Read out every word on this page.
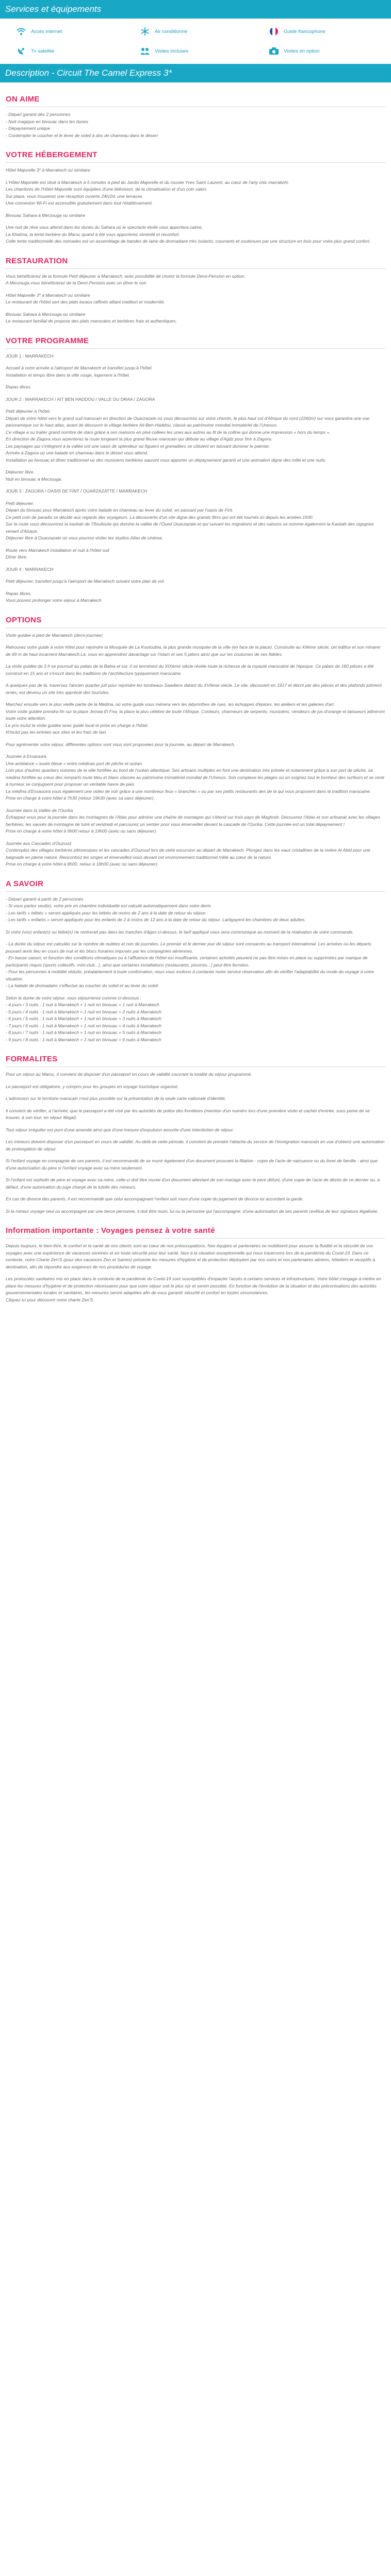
Services et équipements
Accès internet	Air conditionné	Guide francophone
Tv satellite	Visites incluses	Visites en option
Description - Circuit The Camel Express 3*
ON AIME
- Départ garanti dès 2 personnes
- Nuit magique en bivouac dans les dunes
- Dépaysement unique
- Contempler le coucher et le lever de soleil à dos de chameau dans le désert
VOTRE HÉBERGEMENT

Hôtel Majorelle 3* à Marrakech ou similaire

L'Hôtel Majorelle est situé à Marrakech à 5 minutes à pied du Jardin Majorelle et du musée Yves Saint Laurent, au cœur de l'arty chic marrakchi.
Les chambres de l'Hôtel Majorelle sont équipées d'une télévision, de la climatisation et d'un coin salon.
Sur place, vous trouverez une réception ouverte 24h/24, une terrasse.
Une connexion Wi-Fi est accessible gratuitement dans tout l'établissement.

Bivouac Sahara à Merzouga ou similaire

Une nuit de rêve vous attend dans les dunes du Sahara où le spectacle étoilé vous apportera calme.
La Khaïma, la tente berbère du Maroc quand à été vous apporterez sérénité et reconfort.
Celle tente traditionnelle des nomades est un assemblage de bandes de laine de dromadaire très isolants; couvrants et soutenues par une structure en bois pour votre plus grand confort.
RESTAURATION
Vous bénéficierez de la formule Petit déjeuner à Marrakech, avec possibilité de choisir la formule Demi-Pension en option.
A Merzouga vous bénéficierez de la Demi-Pension avec un dîner le soir.
Hôtel Majorelle 3* à Marrakech ou similaire
Le restaurant de l'hôtel sert des plats locaux raffinés alliant tradition et modernité.
Bivouac Sahara à Merzouga ou similaire
Le restaurant familial de propose des plats marocains et berbères frais et authentiques.
VOTRE PROGRAMME

JOUR 1 : MARRAKECH

Accueil à votre arrivée à l'aéroport de Marrakech et transfert jusqu'à l'hôtel.
Installation et temps libre dans la ville rouge, logement à l'hôtel.

Repas libres.

JOUR 2 : MARRAKECH / AIT BEN HADDOU / VALLE DU DRAA / ZAGORA

Petit déjeuner à l'hôtel.
Départ de votre hôtel vers le grand sud marocain en direction de Ouarzazate où vous découvrirez sur votre chemin, le plus haut col d'Afrique du nord (2260m) sur vous garantira une vue panoramique sur le haut atlas, avant de découvrir le village berbère Ait-Ben-Haddou, classé au patrimoine mondial immatériel de l'Unesco.
Ce village a su traiter grand nombre de stars grâce à ses maisons en pisé collées les unes aux autres au fil de la colline qui donne une impression « hors du temps ».
En direction de Zagora vous arpenterez la route longeant la plus grand fleuve marocain qui débute au village d'Agdz pour finir à Zagora.
Les paysages qui s'intègrent à la vallée ont une oasis de splendeur où figuiers et grenadiers se côtoient en laissant dominer le palmier.
Arrivée à Zagora où une balade en chameau dans le désert vous attend.
Installation au bivouac et dîner traditionnel où des musiciens berbères sauront vous apporter un dépaysement garanti et une animation digne des mille et une nuits.
Déjeuner libre.
Nuit en bivouac à Merzouga.

JOUR 3 : ZAGORA / OASIS DE FINT / OUARZAZATTE / MARRAKECH

Petit déjeuner.
Départ du bivouac pour Marrakech après votre balade en chameau au lever du soleil, en passant par l'oasis de Fint.
Ce petit coin de paradis se décide aux regards des voyageurs. La découverte d'un site digne des grands films qui ont été tournés ici depuis les années 1930.
Sur la route vous découvrirez la kasbah de Tifoultoute qui domine la vallée de l'Oued Ouarzazate et qui suivant les migrations et des saisons se nomme également la Kasbah des cigognes venant d'Alsace.
Déjeuner libre à Ouarzazate où vous pourrez visiter les studios Atlas de cinéma.
Route vers Marrakech installation et nuit à l'hôtel suit
Dîner libre.

JOUR 4 : MARRAKECH

Petit déjeuner, transfert jusqu'à l'aéroport de Marrakech suivant votre plan de vol.

Repas libres.
Vous pouvez prolonger votre séjour à Marrakech
OPTIONS

Visite guidée à pied de Marrakech (demi-journée)

Retrouvez votre guide à votre hôtel pour rejoindre la Mosquée de La Koutoubia, la plus grande mosquée de la ville (en face de la place). Construite au XIIème siècle, cet édifice et son minaret de 69 m de haut incarnent Marrakech.Là, vous en apprendrez davantage sur l'islam et ses 5 piliers ainsi que sur les coutumes de ses fidèles.

La visite guidée de 3 h se poursuit au palais de la Bahia et sur, il se terminent du XIXème siècle révèle toute la richesse de la royauté marocaine de l'époque. Ce palais de 160 pièces a été construit en 15 ans et s'inscrit dans les traditions de l'architecture typiquement marocaine.

A quelques pas de là, traversez l'ancien quartier juif pour rejoindre les tombeaux Saadiens datant du XVIème siècle. Le site, découvert en 1917 et décrit par des pièces et des plafonds joliment ornés, est devenu un site très apprécié des touristes.

Marchez ensuite vers le plus vieille partie de la Médina, où votre guide vous mènera vers les labyrinthes de rues, les échoppes d'épices, les ateliers et les galeries d'art.
Votre visite guidée prendra fin sur la place Jemaa El Fna, la place la plus célèbre de toute l'Afrique. Conteurs, charmeurs de serpents, musiciens, vendeurs de jus d'orange et tatoueurs attireront toute votre attention.
Le prix inclut la visite guidée avec guide local et prise en charge à l'hôtel.
N'inclut pas les entrées aux sites et les frais de taxi.

Pour agrémenter votre séjour, différentes options vont vous sont proposées pour la journée, au départ de Marrakech.

Journée à Essaouira
Une ambiance « louée bleue » entre médinas port de pêche et océan.
Loin plus d'autres quartiers voisines de la ville fortifiée au bord de l'océan atlantique. Ses artisans multiples en font une destination très primée et notamment grâce à son port de pêche, sa médina fortifiée au creux des remparts toute bleu et blanc classée au patrimoine immatériel mondial de l'Unesco. Son complexe les plages où on soignez tout le bonheur des surfeurs et se venir à humeur se conjuguent pour proposer un véritable havre de paix.
La médina d'Essaouira vous également une vidéo de voir grâce à une nombreux feux « branchés » ou par ses petits restaurants des de la qui vous proposent dans la tradition marocaine.
Prise en charge à votre hôtel à 7h30 (retour 19h30 (avec sa sans déjeuner).
Journée dans la Vallée de l'Ourika
Échappez-vous pour la journée dans les montagnes de l'Atlas pour admirer une chaîne de montagne qui s'étend sur trois pays de Maghreb. Découvrez l'Atlas et son artisanat avec les villages berbères, les sauvés de montagne de tuiré et vendredi et parcourez un sentier pour vous émerveiller devant la cascade de l'Ourika. Cette journée est un total dépaysement !
Prise en charge à votre hôtel à 9h00 retour à 19h00 (avec ou sans déjeuner).
Journée aux Cascades d'Ouzoud
Contemplez des villages berbères pittoresques et les cascades d'Ouzoud lors de cette excursion au départ de Marrakech. Plongez dans les eaux cristallines de la rivière Al Abid pour une baignade en pleine nature. Rencontrez les singes et émerveillez-vous devant cet environnement traditionnel mêlé au cœur de la nature.
Prise en charge à votre hôtel à 8h00, retour à 18h00 (avec ou sans déjeuner).
A SAVOIR
- Départ garanti à partir de 2 personnes
- Si vous partez seul(e), votre prix en chambre individuelle est calculé automatiquement dans votre devis
- Les tarifs « bébés » seront appliqués pour les bébés de moins de 2 ans à la date de retour du séjour.
- Les tarifs « enfants » seront appliqués pour les enfants de 2 à moins de 12 ans à la date de retour du séjour. Lartigayent les chambres de deux adultes.

Si votre (vos) enfant(s) ou bébé(s) ne rentrerait pas dans les tranches d'âges ci-dessus, le tarif appliqué vous sera communiqué au moment de la réalisation de votre commande.

- La durée du séjour est calculée sur le nombre de nuitées et non de journées. Le premier et le dernier jour de séjour sont consacrés au transport international. Les arrivées ou les départs pouvant avoir lieu en cours de nuit et les blocs horaires imposés par les compagnies aériennes.
- En basse saison, et fonction des conditions climatiques ou à l'affluence de l'hôtel est insuffisante, certaines activités peuvent ne pas être mises en place ou supprimées par manque de participants requis (sports collectifs, mini-club...), ainsi que certaines installations (restaurants, piscines...) peut être fermées.
- Pour les personnes à mobilité réduite, préalablement à toute confirmation, nous vous invitons à contacter notre service réservation afin de vérifier l'adaptabilité du mode du voyage à votre situation.
- La balade de dromadaire s'effectue au coucher du soleil et au lever du soleil
Selon la durée de votre séjour, vous séjournerez comme ci-dessous :
- 4 jours / 3 nuits : 1 nuit à Marrakech + 1 nuit en bivouac + 1 nuit à Marrakech
- 5 jours / 4 nuits : 1 nuit à Marrakech + 1 nuit en bivouac + 2 nuits à Marrakech
- 6 jours / 5 nuits : 1 nuit à Marrakech + 1 nuit en bivouac + 3 nuits à Marrakech
- 7 jours / 6 nuits : 1 nuit à Marrakech + 1 nuit en bivouac + 4 nuits à Marrakech
- 8 jours / 7 nuits : 1 nuit à Marrakech + 1 nuit en bivouac + 5 nuits à Marrakech
- 9 jours / 8 nuits : 1 nuit à Marrakech + 1 nuit en bivouac + 6 nuits à Marrakech
FORMALITES

Pour un séjour au Maroc, il convient de disposer d'un passeport en cours de validité couvrant la totalité du séjour programmé.

Le passeport est obligatoire, y compris pour les groupes en voyage touristique organisé.

L'admission sur le territoire marocain n'est plus possible sur la présentation de la seule carte nationale d'identité.

Il convient de vérifier, à l'arrivée, que le passeport a été visé par les autorités de police des frontières (mention d'un numéro lors d'une première visite et cachet d'entrée, sous peine de se trouver, à son tour, en séjour illégal).

Tout séjour irrégulier est puni d'une amende ainsi que d'une mesure d'expulsion assortie d'une interdiction de séjour.

Les mineurs doivent disposer d'un passeport en cours de validité. Au-delà de cette période, il convient de prendre l'attache du service de l'immigration marocain en vue d'obtenir une autorisation de prolongation de séjour.

Si l'enfant voyage en compagnie de ses parents, il est recommandé de se munir également d'un document prouvant la filiation - copie de l'acte de naissance ou du livret de famille - ainsi que d'une autorisation du père si l'enfant voyage avec sa mère seulement.

Si l'enfant est orphelin de père et voyage avec sa mère, celle-ci doit être munie d'un document attestant de son mariage avec le père défunt, d'une copie de l'acte de décès de ce dernier ou, à défaut, d'une autorisation du juge chargé de la tutelle des mineurs.

En cas de divorce des parents, il est recommandé que celui accompagnant l'enfant soit muni d'une copie du jugement de divorce lui accordant la garde.

Si le mineur voyage seul ou accompagné par une tierce personne, il doit être muni, lui ou la personne qui l'accompagne, d'une autorisation de ses parents revêtue de leur signature légalisée.

Information importante : Voyages pensez à votre santé

Depuis toujours, le bien-être, le confort et la santé de nos clients sont au cœur de nos préoccupations. Nos équipes et partenaires se mobilisent pour assurer la fluidité et la sécurité de vos voyages avec une expérience de vacances sereines et en toute sécurité pour leur santé, face à la situation exceptionnelle qui nous traversons lors de la pandémie du Covid-19. Dans ce contexte, notre Charte Zen'S (pour des vacances Zen et Saines) présente les mesures d'hygiène et de protection déployées par nos soins et nos partenaires aériens, hôteliers et réceptifs à destination, afin de répondre aux exigences de nos procédures de voyage.

Les protocoles sanitaires mis en place dans le contexte de la pandémie du Covid-19 sont susceptibles d'impacter l'accès à certains services et infrastructures. Votre hôtel s'engage à mettre en place les mesures d'hygiène et de protection nécessaires pour que votre séjour soit le plus sûr et serein possible. En fonction de l'évolution de la situation et des préconisations des autorités gouvernementales locales et sanitaires, les mesures seront adaptées afin de vous garantir sécurité et confort en toutes circonstances.
Cliquez ici pour découvrir notre charte Zen'S
